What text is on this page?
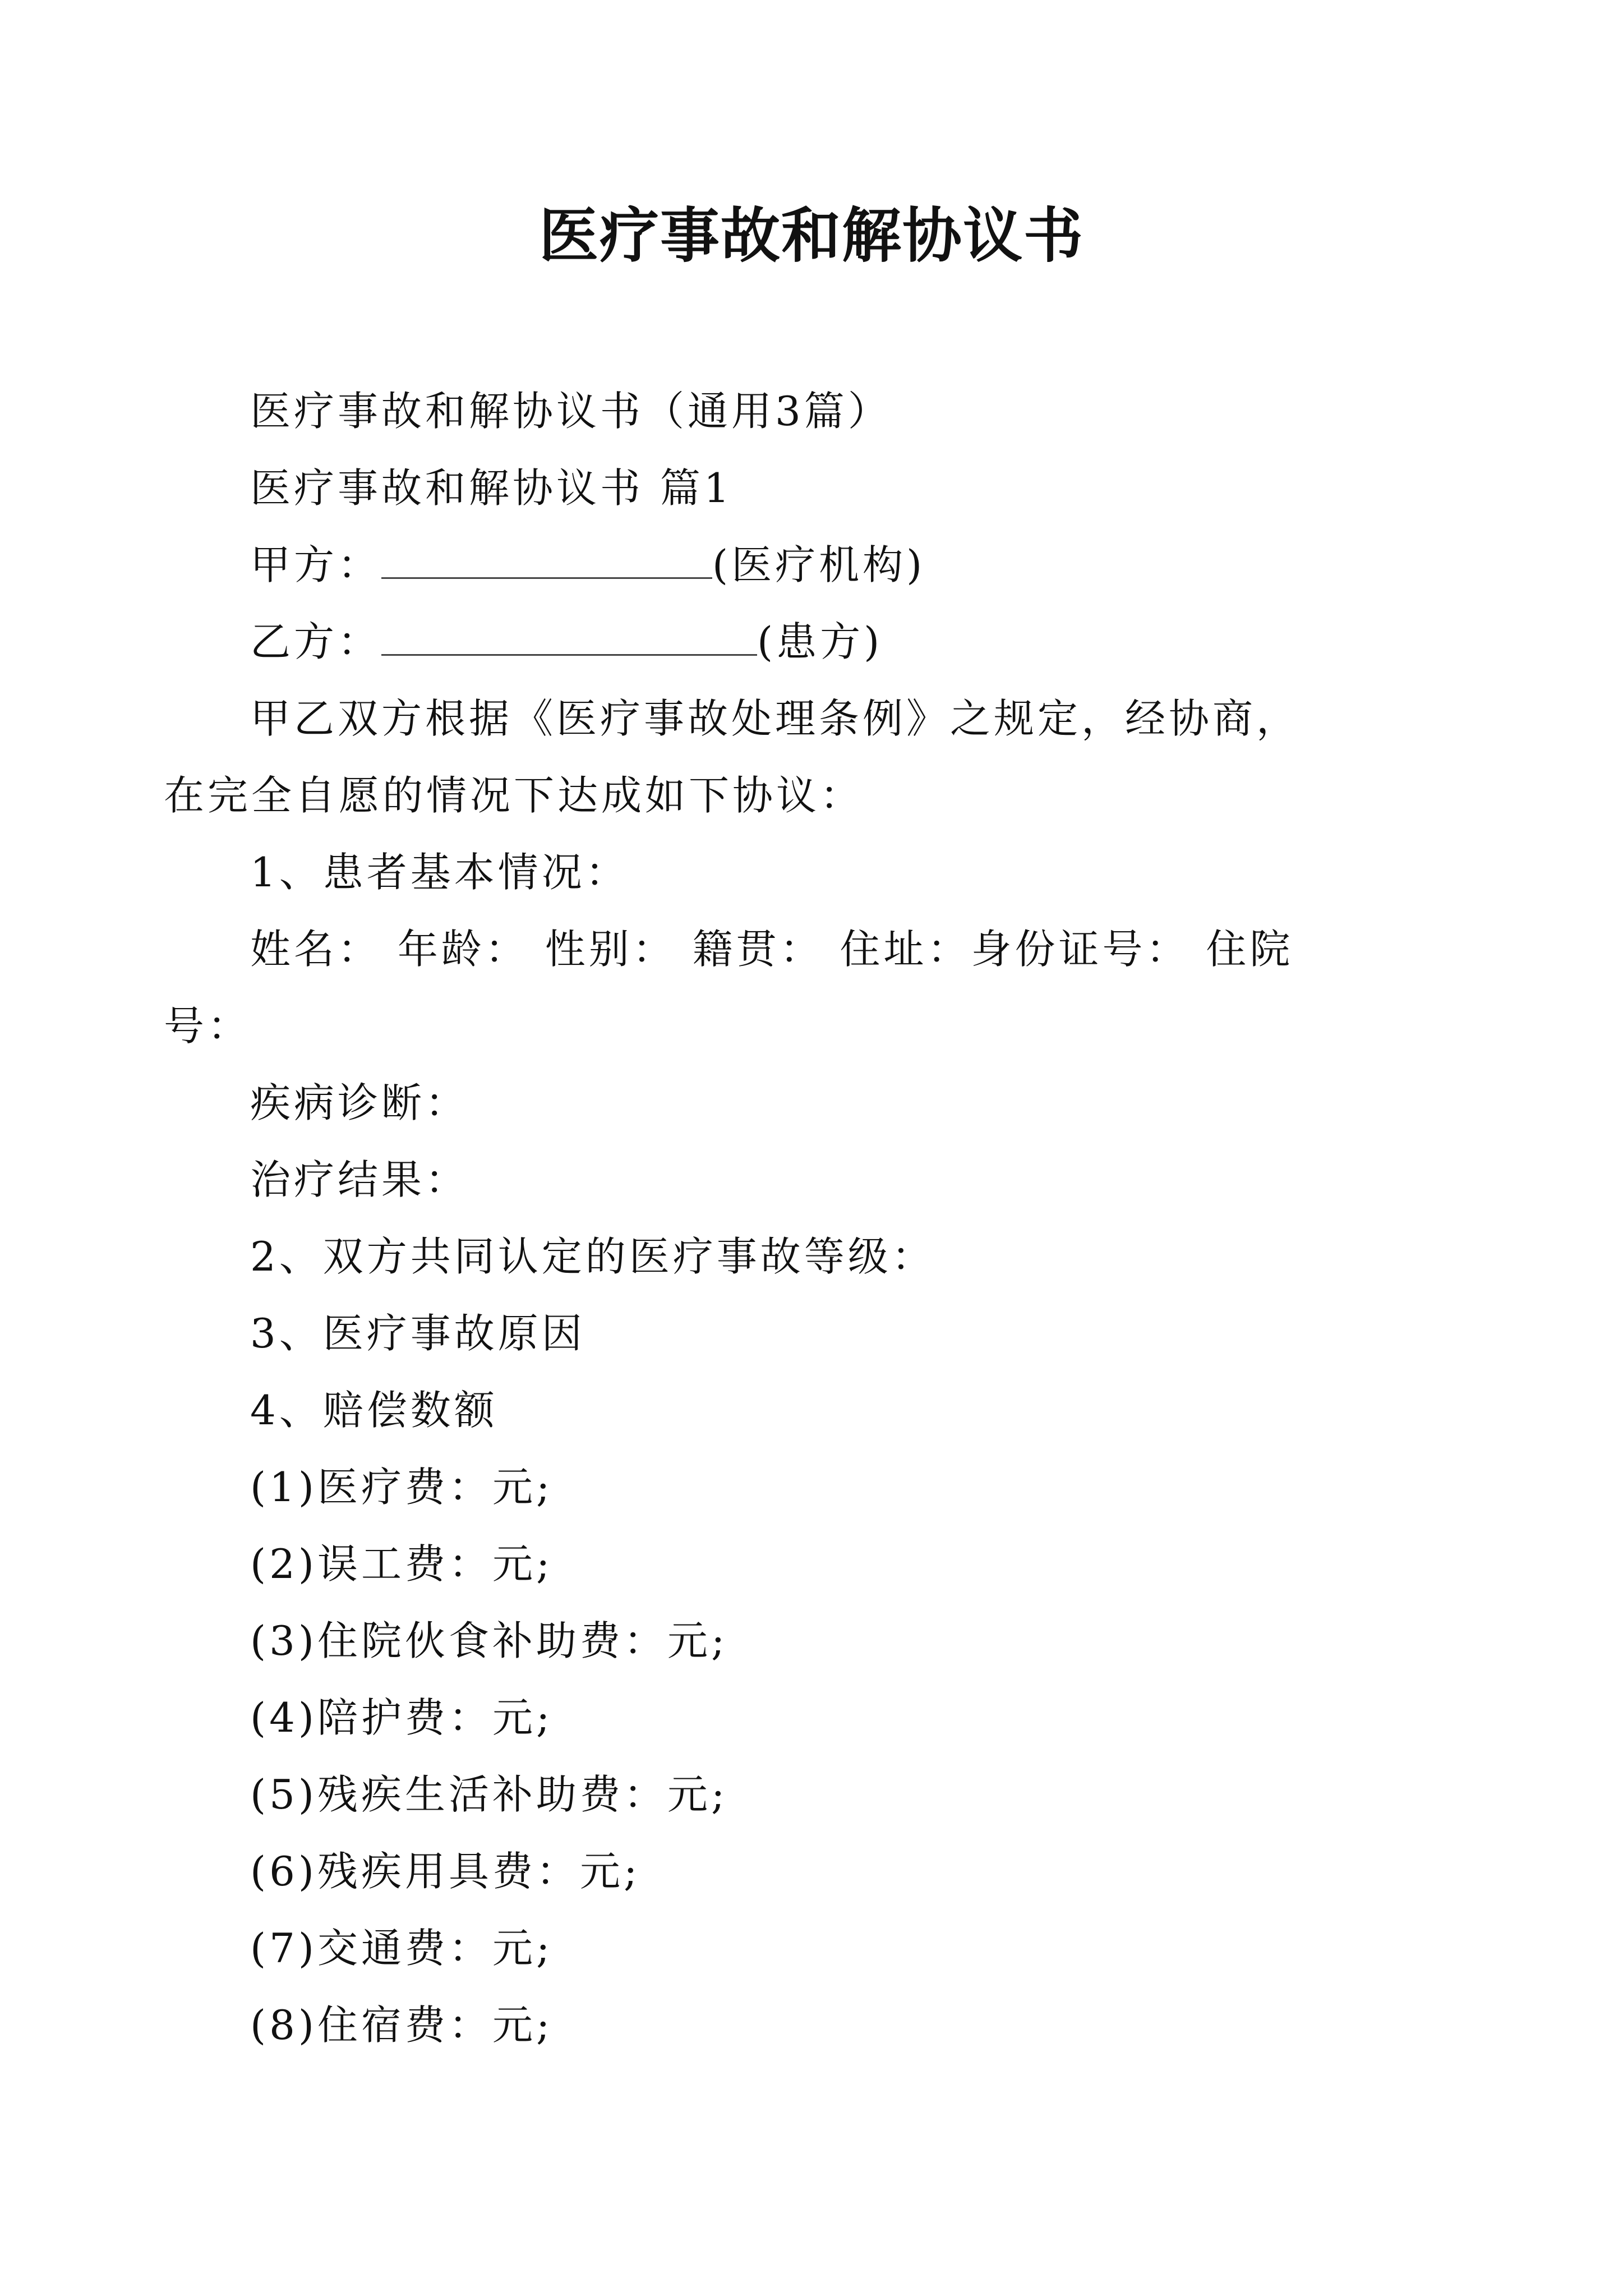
医疗事故和解协议书
医疗事故和解协议书（通用3篇）
医疗事故和解协议书 篇1
甲方：	(医疗机构)
乙方：	(患方)
甲乙双方根据《医疗事故处理条例》之规定，经协商，在完全自愿的情况下达成如下协议：
1、患者基本情况：
姓名： 年龄： 性别： 籍贯： 住址：身份证号： 住院号：
疾病诊断：
治疗结果：
2、双方共同认定的医疗事故等级：
3、医疗事故原因
4、赔偿数额
(1)医疗费：元;
(2)误工费：元;
(3)住院伙食补助费：元;
(4)陪护费：元;
(5)残疾生活补助费：元;
(6)残疾用具费：元;
(7)交通费：元;
(8)住宿费：元;
